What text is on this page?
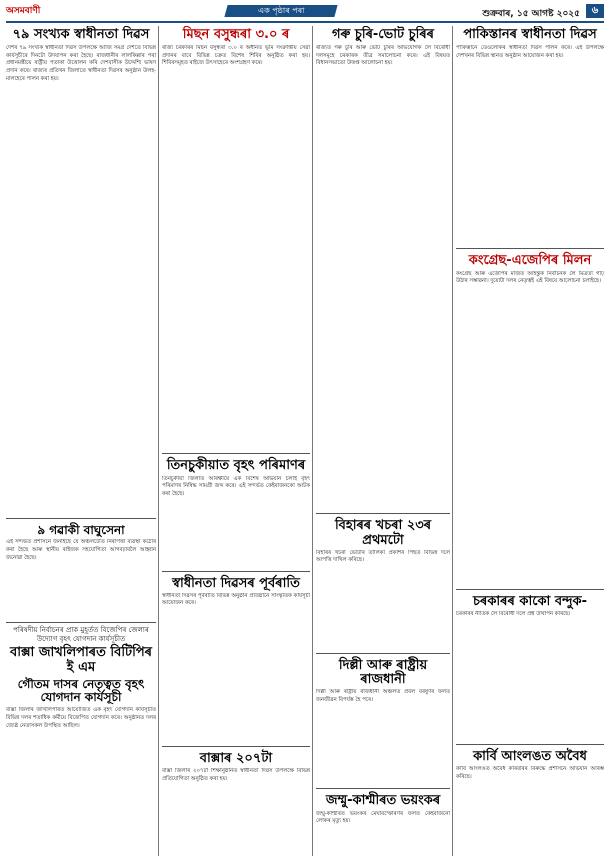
অসমবাণী	এক পৃষ্ঠাৰ পৰা	শুক্ৰবাৰ, ১৫ আগষ্ট ২০২৫	৬
৭৯ সংখ্যক স্বাধীনতা দিৱস
দেশৰ ৭৯ সংখ্যক স্বাধীনতা দিৱস উপলক্ষে আজি সমগ্ৰ দেশতে বিভিন্ন কাৰ্যসূচীৰে দিনটো উদযাপন কৰা হৈছে। ৰাজধানীৰ লালকিল্লাৰ পৰা প্ৰধানমন্ত্ৰীয়ে ৰাষ্ট্ৰীয় পতাকা উত্তোলন কৰি দেশবাসীক উদ্দেশ্যি ভাষণ প্ৰদান কৰে। ৰাজ্যৰ প্ৰতিখন জিলাতে স্বাধীনতা দিৱসৰ অনুষ্ঠান উলহ-মালহেৰে পালন কৰা হয়।
৯ গৱাকী বাঘুসেনা
এই সন্দৰ্ভত প্ৰশাসনে জনাইছে যে অঞ্চলটোত নিৰাপত্তা ব্যৱস্থা কঠোৰ কৰা হৈছে আৰু স্থানীয় ৰাইজক সহযোগিতা আগবঢ়াবলৈ আহ্বান জনোৱা হৈছে।
পৰিষদীয় নিৰ্বাচনৰ প্ৰাক মুহূৰ্তত বিজেপিৰ জেলাৰ উদ্যোগ বৃহৎ যোগদান কাৰ্যসূচীত
বাক্সা জাখলিপাৰত বিটিপিৰ ই এম
গৌতম দাসৰ নেতৃত্বত বৃহৎ যোগদান কাৰ্যসূচী
বাক্সা জিলাৰ জাখলিপাৰত আয়োজিত এক বৃহৎ যোগদান কাৰ্যসূচীত বিভিন্ন দলৰ শতাধিক কৰ্মীয়ে বিজেপিত যোগদান কৰে। অনুষ্ঠানত দলৰ জ্যেষ্ঠ নেতাসকল উপস্থিত আছিল।
মিছন বসুন্ধৰা ৩.০ ৰ
ৰাজ্য চৰকাৰৰ মিছন বসুন্ধৰা ৩.০ ৰ অধীনত ভূমি সংক্ৰান্তীয় সেৱা প্ৰদানৰ বাবে বিভিন্ন চক্ৰত বিশেষ শিবিৰ অনুষ্ঠিত কৰা হয়। শিবিৰসমূহত ৰাইজে উৎসাহেৰে অংশগ্ৰহণ কৰে।
তিনচুকীয়াত বৃহৎ পৰিমাণৰ
তিনচুকীয়া জিলাত আৰক্ষীয়ে এক বিশেষ অভিযান চলাই বৃহৎ পৰিমাণৰ নিষিদ্ধ সামগ্ৰী জব্দ কৰে। এই সন্দৰ্ভত কেইবাজনকো আটক কৰা হৈছে।
স্বাধীনতা দিৱসৰ পূৰ্বৰাতি
স্বাধীনতা দিৱসৰ পূৰ্বৰাতি বিভিন্ন অনুষ্ঠান প্ৰতিষ্ঠানে সাংস্কৃতিক কাৰ্যসূচী আয়োজন কৰে।
বাক্সাৰ ২০৭টা
বাক্সা জিলাৰ ২০৭টা শিক্ষানুষ্ঠানত স্বাধীনতা দিৱস উপলক্ষে বিভিন্ন প্ৰতিযোগিতা অনুষ্ঠিত কৰা হয়।
গৰু চুৰি-ভোট চুৰিৰ
ৰাজ্যত গৰু চুৰি আৰু ভোট চুৰিৰ অভিযোগক লৈ বিৰোধী দলসমূহে চৰকাৰক তীব্ৰ সমালোচনা কৰে। এই বিষয়ত বিধানসভাতো উত্তপ্ত আলোচনা হয়।
বিহাৰৰ খচৰা ২৩ৰ প্ৰথমটো
বিহাৰৰ খচৰা ভোটাৰ তালিকা প্ৰকাশৰ পিছত বিভিন্ন দলে আপত্তি দাখিল কৰিছে।
দিল্লী আৰু ৰাষ্ট্ৰীয় ৰাজধানী
দিল্লী আৰু ৰাষ্ট্ৰীয় ৰাজধানী অঞ্চলত প্ৰবল বৰষুণৰ ফলত জনজীৱন বিপৰ্যস্ত হৈ পৰে।
জম্মু-কাশ্মীৰত ভয়ংকৰ
জম্মু-কাশ্মীৰত ভয়ংকৰ মেঘবিস্ফোৰণৰ ফলত কেইবাজনো লোকৰ মৃত্যু হয়।
পাকিস্তানৰ স্বাধীনতা দিৱস
পাকিস্তানে তেওঁলোকৰ স্বাধীনতা দিৱস পালন কৰে। এই উপলক্ষে দেশখনৰ বিভিন্ন স্থানত অনুষ্ঠান আয়োজন কৰা হয়।
কংগ্ৰেছ-এজেপিৰ মিলন
কংগ্ৰেছ আৰু এজেপিৰ মাজত আহন্তুক নিৰ্বাচনক লৈ মিত্ৰতা গঢ়ি উঠাৰ সম্ভাৱনা। দুয়োটা দলৰ নেতৃত্বই এই বিষয়ে আলোচনা চলাইছে।
চৰকাৰৰ কাকো বন্দুক-
চৰকাৰৰ নীতিক লৈ বিৰোধী দলে প্ৰশ্ন উত্থাপন কৰিছে।
কাৰ্বি আংলঙত অবৈধ
কাৰ্বি আংলঙত অবৈধ কাৰবাৰৰ বিৰুদ্ধে প্ৰশাসনে অভিযান আৰম্ভ কৰিছে।
